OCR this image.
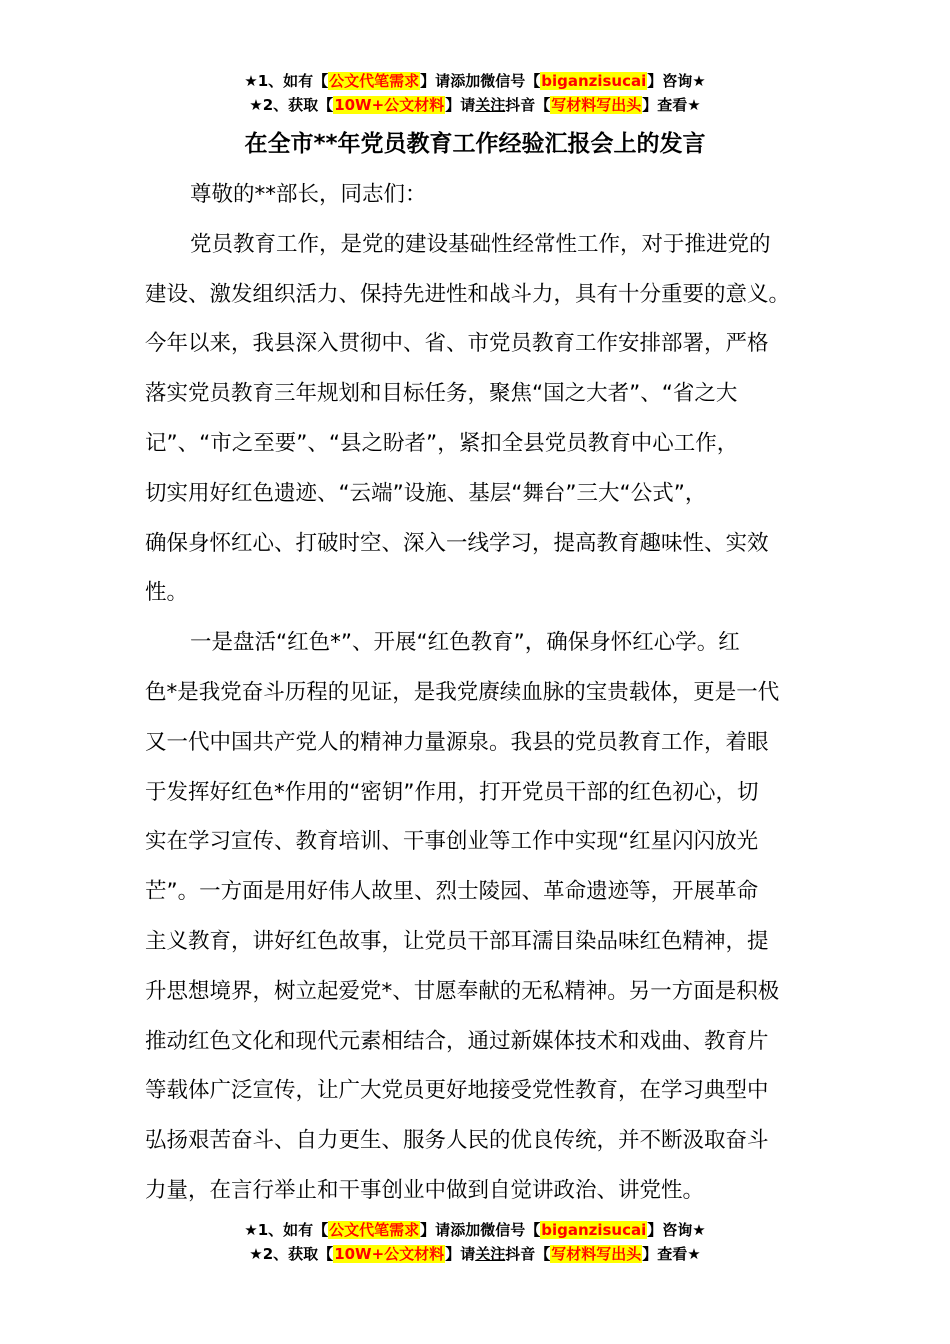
★1、如有【公文代笔需求】请添加微信号【biganzisucai】咨询★
★2、获取【10W+公文材料】请关注抖音【写材料写出头】查看★
在全市**年党员教育工作经验汇报会上的发言
尊敬的**部长，同志们：
党员教育工作，是党的建设基础性经常性工作，对于推进党的
建设、激发组织活力、保持先进性和战斗力，具有十分重要的意义。
今年以来，我县深入贯彻中、省、市党员教育工作安排部署，严格
落实党员教育三年规划和目标任务，聚焦“国之大者”、“省之大
记”、“市之至要”、“县之盼者”，紧扣全县党员教育中心工作，
切实用好红色遗迹、“云端”设施、基层“舞台”三大“公式”，
确保身怀红心、打破时空、深入一线学习，提高教育趣味性、实效
性。
一是盘活“红色*”、开展“红色教育”，确保身怀红心学。红
色*是我党奋斗历程的见证，是我党赓续血脉的宝贵载体，更是一代
又一代中国共产党人的精神力量源泉。我县的党员教育工作，着眼
于发挥好红色*作用的“密钥”作用，打开党员干部的红色初心，切
实在学习宣传、教育培训、干事创业等工作中实现“红星闪闪放光
芒”。一方面是用好伟人故里、烈士陵园、革命遗迹等，开展革命
主义教育，讲好红色故事，让党员干部耳濡目染品味红色精神，提
升思想境界，树立起爱党*、甘愿奉献的无私精神。另一方面是积极
推动红色文化和现代元素相结合，通过新媒体技术和戏曲、教育片
等载体广泛宣传，让广大党员更好地接受党性教育，在学习典型中
弘扬艰苦奋斗、自力更生、服务人民的优良传统，并不断汲取奋斗
力量，在言行举止和干事创业中做到自觉讲政治、讲党性。
★1、如有【公文代笔需求】请添加微信号【biganzisucai】咨询★
★2、获取【10W+公文材料】请关注抖音【写材料写出头】查看★
